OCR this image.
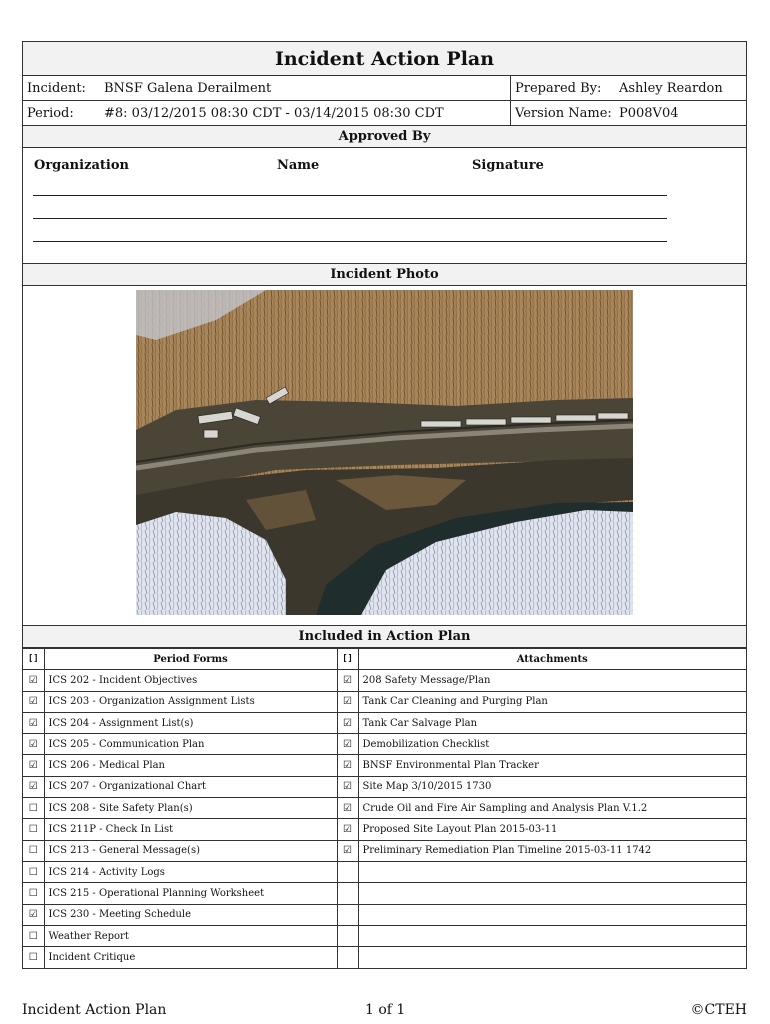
Incident Action Plan
Incident:	BNSF Galena Derailment	Prepared By:	Ashley Reardon
Period:	#8: 03/12/2015 08:30 CDT - 03/14/2015 08:30 CDT	Version Name: P008V04
Approved By
Organization	Name	Signature
Incident Photo
Included in Action Plan
[]	Period Forms	[]	Attachments
☑	ICS 202 - Incident Objectives	☑	208 Safety Message/Plan
☑	ICS 203 - Organization Assignment Lists	☑	Tank Car Cleaning and Purging Plan
☑	ICS 204 - Assignment List(s)	☑	Tank Car Salvage Plan
☑	ICS 205 - Communication Plan	☑	Demobilization Checklist
☑	ICS 206 - Medical Plan	☑	BNSF Environmental Plan Tracker
☑	ICS 207 - Organizational Chart	☑	Site Map 3/10/2015 1730
☐	ICS 208 - Site Safety Plan(s)	☑	Crude Oil and Fire Air Sampling and Analysis Plan V.1.2
☐	ICS 211P - Check In List	☑	Proposed Site Layout Plan 2015-03-11
☐	ICS 213 - General Message(s)	☑	Preliminary Remediation Plan Timeline 2015-03-11 1742
☐	ICS 214 - Activity Logs		
☐	ICS 215 - Operational Planning Worksheet		
☑	ICS 230 - Meeting Schedule		
☐	Weather Report		
☐	Incident Critique		
Incident Action Plan	1 of 1	©CTEH
